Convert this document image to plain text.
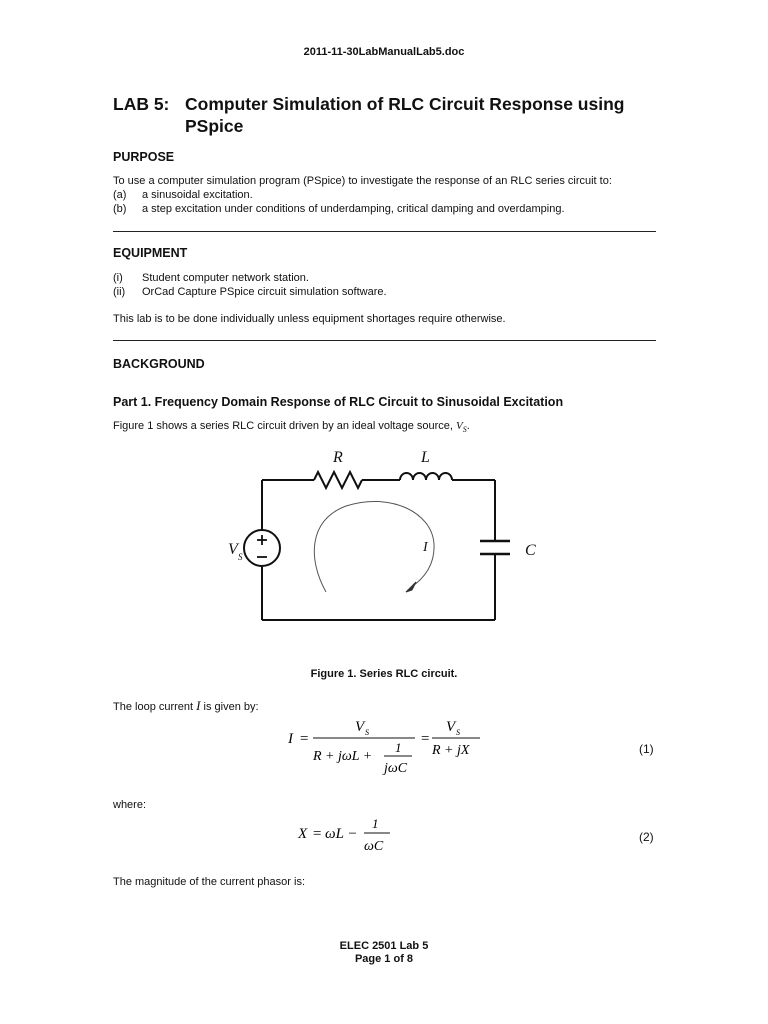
2011-11-30LabManualLab5.doc
LAB 5: Computer Simulation of RLC Circuit Response using
PSpice
PURPOSE
To use a computer simulation program (PSpice) to investigate the response of an RLC series circuit to:
(a)	a sinusoidal excitation.
(b)	a step excitation under conditions of underdamping, critical damping and overdamping.
EQUIPMENT
(i)	Student computer network station.
(ii)	OrCad Capture PSpice circuit simulation software.
This lab is to be done individually unless equipment shortages require otherwise.
BACKGROUND
Part 1. Frequency Domain Response of RLC Circuit to Sinusoidal Excitation
Figure 1 shows a series RLC circuit driven by an ideal voltage source, $V_S$.
R	L
C
I
V S
Figure 1. Series RLC circuit.
The loop current I is given by:
I =
V S
R + jωL +
1
jωC
=
V S
R + jX	(1)
where:
X = ωL −
1
ωC
(2)
The magnitude of the current phasor is:
ELEC 2501 Lab 5
Page 1 of 8
